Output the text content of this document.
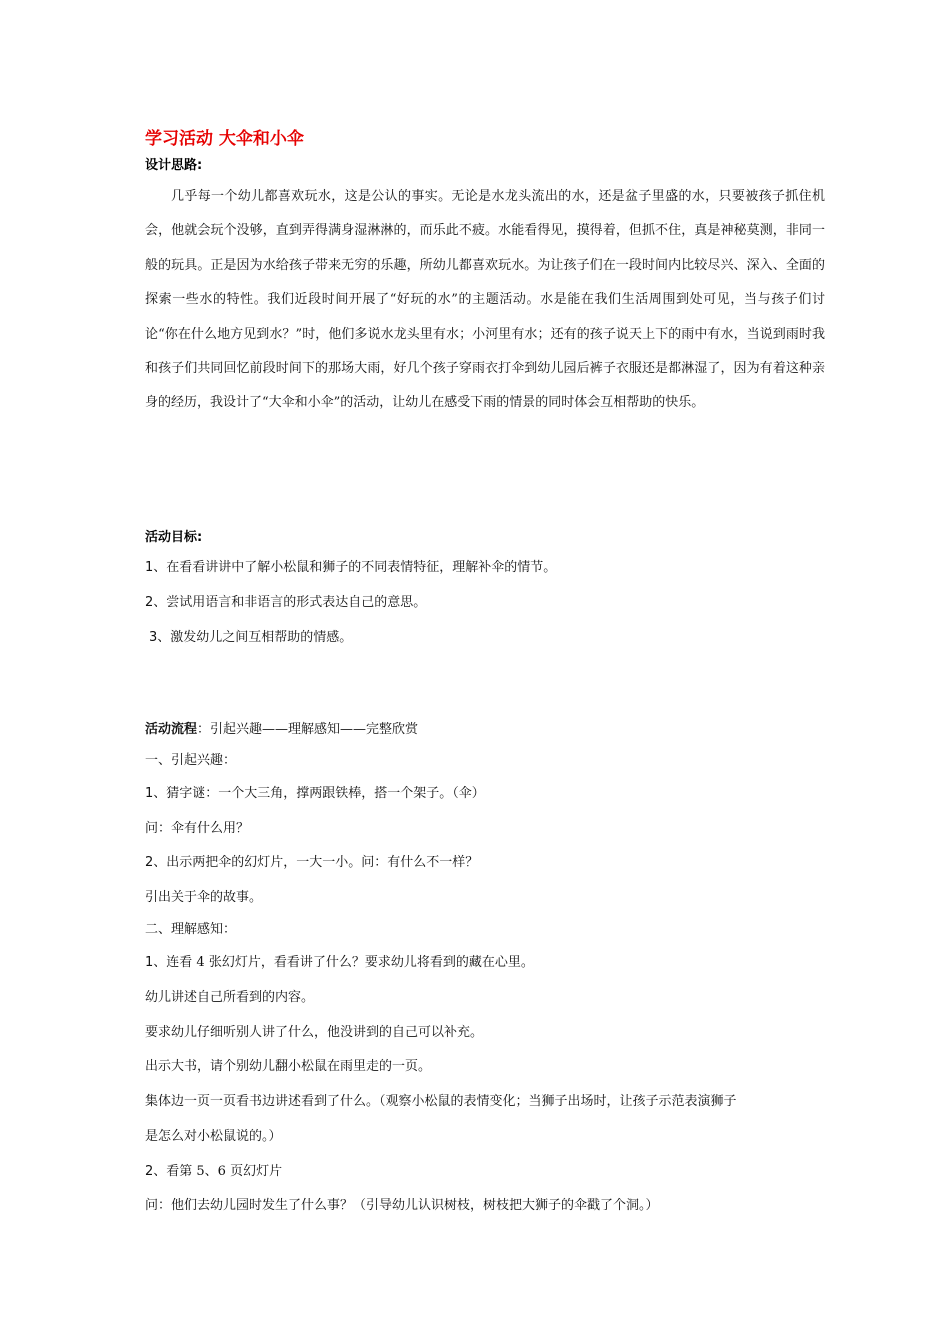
学习活动 大伞和小伞
设计思路:
几乎每一个幼儿都喜欢玩水，这是公认的事实。无论是水龙头流出的水，还是盆子里盛的水，只要被孩子抓住机会，他就会玩个没够，直到弄得满身湿淋淋的，而乐此不疲。水能看得见，摸得着，但抓不住，真是神秘莫测，非同一般的玩具。正是因为水给孩子带来无穷的乐趣，所幼儿都喜欢玩水。为让孩子们在一段时间内比较尽兴、深入、全面的探索一些水的特性。我们近段时间开展了“好玩的水”的主题活动。水是能在我们生活周围到处可见，当与孩子们讨论“你在什么地方见到水？”时，他们多说水龙头里有水；小河里有水；还有的孩子说天上下的雨中有水，当说到雨时我和孩子们共同回忆前段时间下的那场大雨，好几个孩子穿雨衣打伞到幼儿园后裤子衣服还是都淋湿了，因为有着这种亲身的经历，我设计了“大伞和小伞”的活动，让幼儿在感受下雨的情景的同时体会互相帮助的快乐。
活动目标:
1、在看看讲讲中了解小松鼠和狮子的不同表情特征，理解补伞的情节。
2、尝试用语言和非语言的形式表达自己的意思。
3、激发幼儿之间互相帮助的情感。
活动流程：引起兴趣——理解感知——完整欣赏
一、引起兴趣：
1、猜字谜：一个大三角，撑两跟铁棒，搭一个架子。（伞）
问：伞有什么用？
2、出示两把伞的幻灯片，一大一小。问：有什么不一样？
引出关于伞的故事。
二、理解感知：
1、连看 4 张幻灯片，看看讲了什么？要求幼儿将看到的藏在心里。
幼儿讲述自己所看到的内容。
要求幼儿仔细听别人讲了什么，他没讲到的自己可以补充。
出示大书，请个别幼儿翻小松鼠在雨里走的一页。
集体边一页一页看书边讲述看到了什么。（观察小松鼠的表情变化；当狮子出场时，让孩子示范表演狮子
是怎么对小松鼠说的。）
2、看第 5、6 页幻灯片
问：他们去幼儿园时发生了什么事？（引导幼儿认识树枝，树枝把大狮子的伞戳了个洞。）
